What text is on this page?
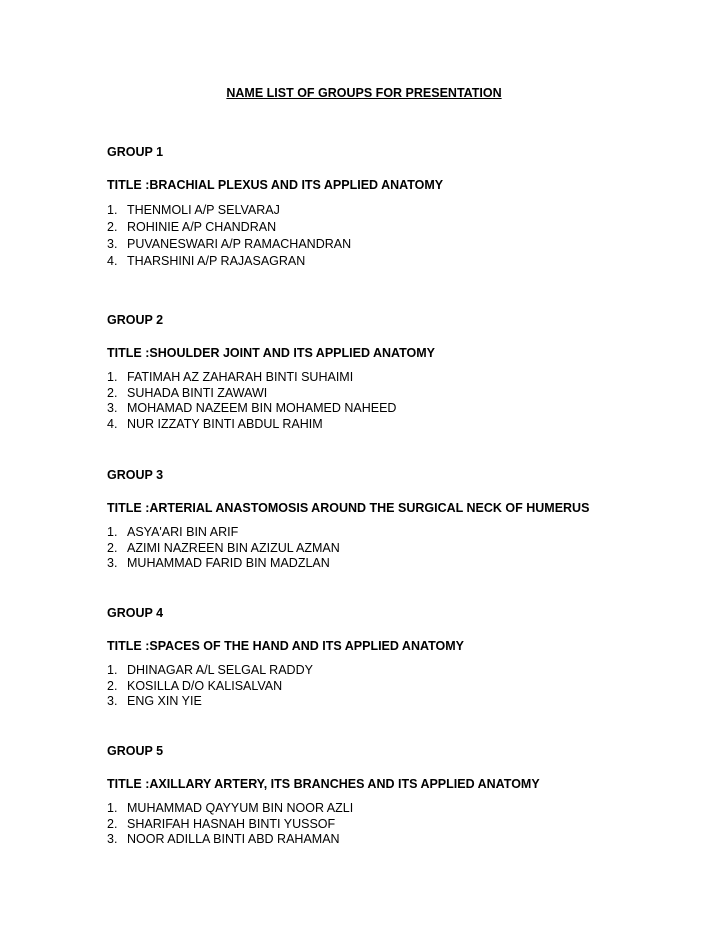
NAME LIST OF GROUPS FOR PRESENTATION
GROUP 1
TITLE :BRACHIAL PLEXUS AND ITS APPLIED ANATOMY
1. THENMOLI A/P SELVARAJ
2. ROHINIE A/P CHANDRAN
3. PUVANESWARI A/P RAMACHANDRAN
4. THARSHINI A/P RAJASAGRAN
GROUP 2
TITLE :SHOULDER JOINT AND ITS APPLIED ANATOMY
1. FATIMAH AZ ZAHARAH BINTI SUHAIMI
2. SUHADA BINTI ZAWAWI
3. MOHAMAD NAZEEM BIN MOHAMED NAHEED
4. NUR IZZATY BINTI ABDUL RAHIM
GROUP 3
TITLE :ARTERIAL ANASTOMOSIS AROUND THE SURGICAL NECK OF HUMERUS
1. ASYA'ARI BIN ARIF
2. AZIMI NAZREEN BIN AZIZUL AZMAN
3. MUHAMMAD FARID BIN MADZLAN
GROUP 4
TITLE :SPACES OF THE HAND AND ITS APPLIED ANATOMY
1. DHINAGAR A/L SELGAL RADDY
2. KOSILLA D/O KALISALVAN
3. ENG XIN YIE
GROUP 5
TITLE :AXILLARY ARTERY, ITS BRANCHES AND ITS APPLIED ANATOMY
1. MUHAMMAD QAYYUM BIN NOOR AZLI
2. SHARIFAH HASNAH BINTI YUSSOF
3. NOOR ADILLA BINTI ABD RAHAMAN
